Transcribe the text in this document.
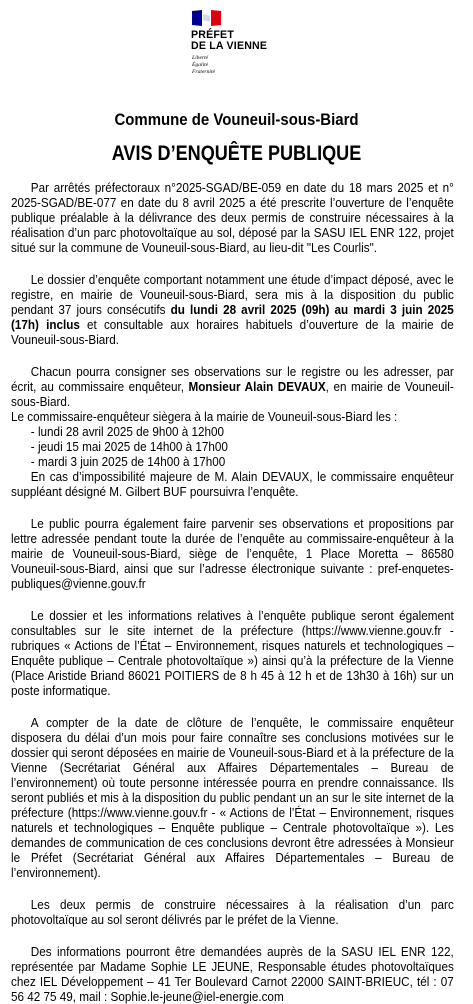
PRÉFET
DE LA VIENNE
Liberté
Égalité
Fraternité
Commune de Vouneuil-sous-Biard
AVIS D’ENQUÊTE PUBLIQUE

Par arrêtés préfectoraux n°2025-SGAD/BE-059 en date du 18 mars 2025 et n° 2025-SGAD/BE-077 en date du 8 avril 2025 a été prescrite l’ouverture de l’enquête publique préalable à la délivrance des deux permis de construire nécessaires à la réalisation d’un parc photovoltaïque au sol, déposé par la SASU IEL ENR 122, projet situé sur la commune de Vouneuil-sous-Biard, au lieu-dit "Les Courlis".

Le dossier d’enquête comportant notamment une étude d’impact déposé, avec le registre, en mairie de Vouneuil-sous-Biard, sera mis à la disposition du public pendant 37 jours consécutifs du lundi 28 avril 2025 (09h) au mardi 3 juin 2025 (17h) inclus et consultable aux horaires habituels d’ouverture de la mairie de Vouneuil-sous-Biard.

Chacun pourra consigner ses observations sur le registre ou les adresser, par écrit, au commissaire enquêteur, Monsieur Alain DEVAUX, en mairie de Vouneuil-sous-Biard.
Le commissaire-enquêteur siègera à la mairie de Vouneuil-sous-Biard les :
- lundi 28 avril 2025 de 9h00 à 12h00
- jeudi 15 mai 2025 de 14h00 à 17h00
- mardi 3 juin 2025 de 14h00 à 17h00
En cas d’impossibilité majeure de M. Alain DEVAUX, le commissaire enquêteur suppléant désigné M. Gilbert BUF poursuivra l’enquête.

Le public pourra également faire parvenir ses observations et propositions par lettre adressée pendant toute la durée de l’enquête au commissaire-enquêteur à la mairie de Vouneuil-sous-Biard, siège de l’enquête, 1 Place Moretta – 86580 Vouneuil-sous-Biard, ainsi que sur l’adresse électronique suivante : pref-enquetes-publiques@vienne.gouv.fr

Le dossier et les informations relatives à l’enquête publique seront également consultables sur le site internet de la préfecture (https://www.vienne.gouv.fr - rubriques « Actions de l’État – Environnement, risques naturels et technologiques – Enquête publique – Centrale photovoltaïque ») ainsi qu’à la préfecture de la Vienne (Place Aristide Briand 86021 POITIERS de 8 h 45 à 12 h et de 13h30 à 16h) sur un poste informatique.

A compter de la date de clôture de l’enquête, le commissaire enquêteur disposera du délai d’un mois pour faire connaître ses conclusions motivées sur le dossier qui seront déposées en mairie de Vouneuil-sous-Biard et à la préfecture de la Vienne (Secrétariat Général aux Affaires Départementales – Bureau de l’environnement) où toute personne intéressée pourra en prendre connaissance. Ils seront publiés et mis à la disposition du public pendant un an sur le site internet de la préfecture (https://www.vienne.gouv.fr - « Actions de l’État – Environnement, risques naturels et technologiques – Enquête publique – Centrale photovoltaïque »). Les demandes de communication de ces conclusions devront être adressées à Monsieur le Préfet (Secrétariat Général aux Affaires Départementales – Bureau de l’environnement).

Les deux permis de construire nécessaires à la réalisation d’un parc photovoltaïque au sol seront délivrés par le préfet de la Vienne.

Des informations pourront être demandées auprès de la SASU IEL ENR 122, représentée par Madame Sophie LE JEUNE, Responsable études photovoltaïques chez IEL Développement – 41 Ter Boulevard Carnot 22000 SAINT-BRIEUC, tél : 07 56 42 75 49, mail : Sophie.le-jeune@iel-energie.com
